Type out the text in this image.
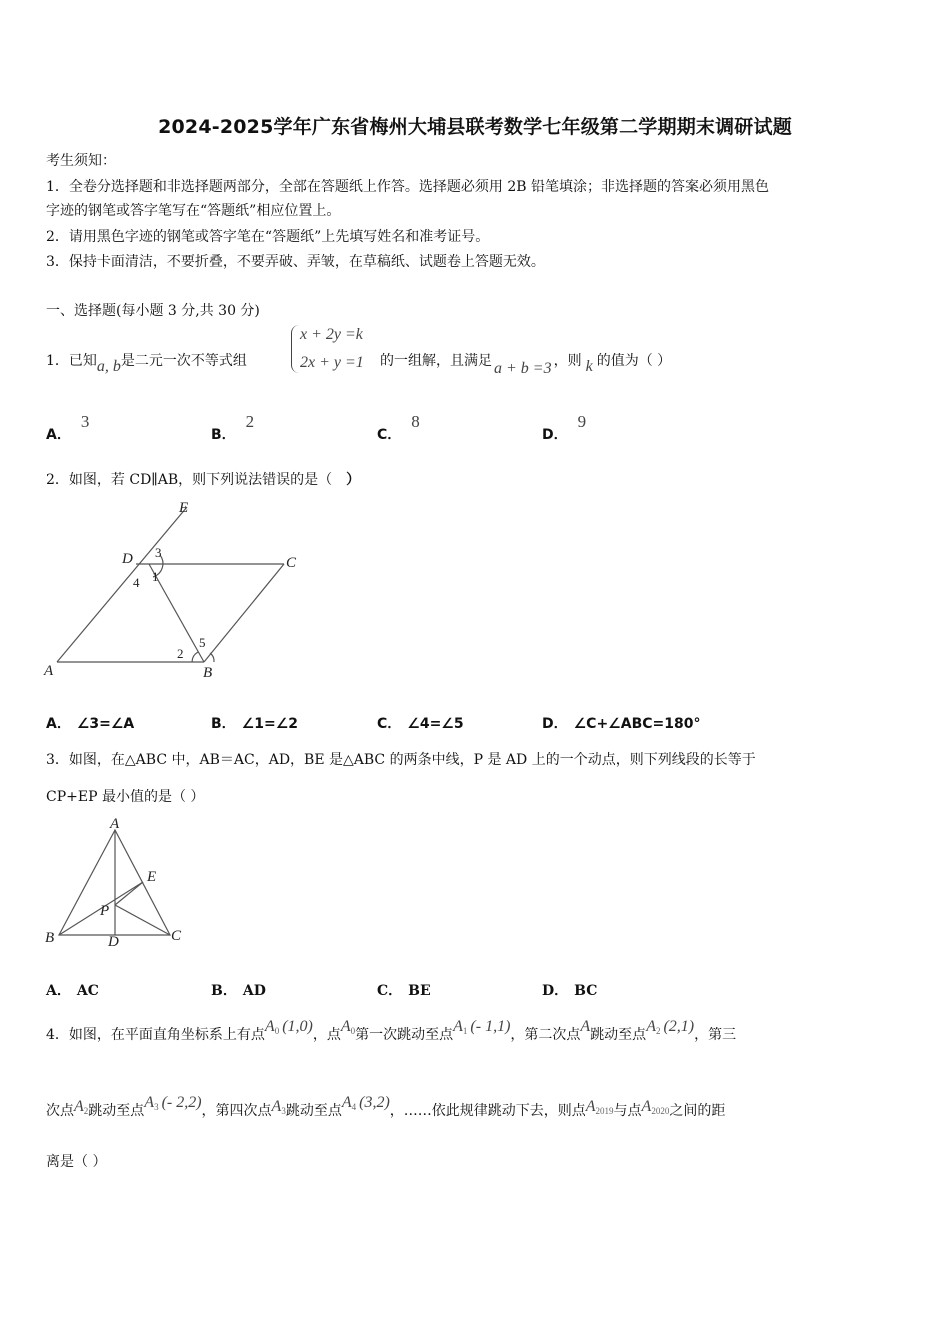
2024-2025学年广东省梅州大埔县联考数学七年级第二学期期末调研试题
考生须知：
1．全卷分选择题和非选择题两部分，全部在答题纸上作答。选择题必须用 2B 铅笔填涂；非选择题的答案必须用黑色
字迹的钢笔或答字笔写在“答题纸”相应位置上。
2．请用黑色字迹的钢笔或答字笔在“答题纸”上先填写姓名和准考证号。
3．保持卡面清洁，不要折叠，不要弄破、弄皱，在草稿纸、试题卷上答题无效。
一、选择题(每小题 3 分,共 30 分)
1．已知a, b是二元一次不等式组
x + 2y =k
2x + y =1 的一组解，且满足 a + b =3 ，则 k 的值为（ ）
A．3
B．2
C．8
D．9
2．如图，若 CD∥AB，则下列说法错误的是（ ）
E
D	C
A	B
3
1
4
2
5
A． ∠3=∠A	B． ∠1=∠2	C． ∠4=∠5	D． ∠C+∠ABC=180°
3．如图，在△ABC 中，AB＝AC，AD，BE 是△ABC 的两条中线，P 是 AD 上的一个动点，则下列线段的长等于
CP+EP 最小值的是（ ）
A
B	C
D
E
P
A． AC	B． AD	C． BE	D． BC
4．如图，在平面直角坐标系上有点$A_0$ (1,0)，点$A_0$第一次跳动至点$A_1$ (- 1,1)，第二次点A跳动至点$A_2$ (2,1)，第三
次点$A_2$跳动至点$A_3$ (- 2,2)，第四次点$A_3$跳动至点$A_4$ (3,2)，……依此规律跳动下去，则点$A_{2019}$与点$A_{2020}$之间的距
离是（ ）
